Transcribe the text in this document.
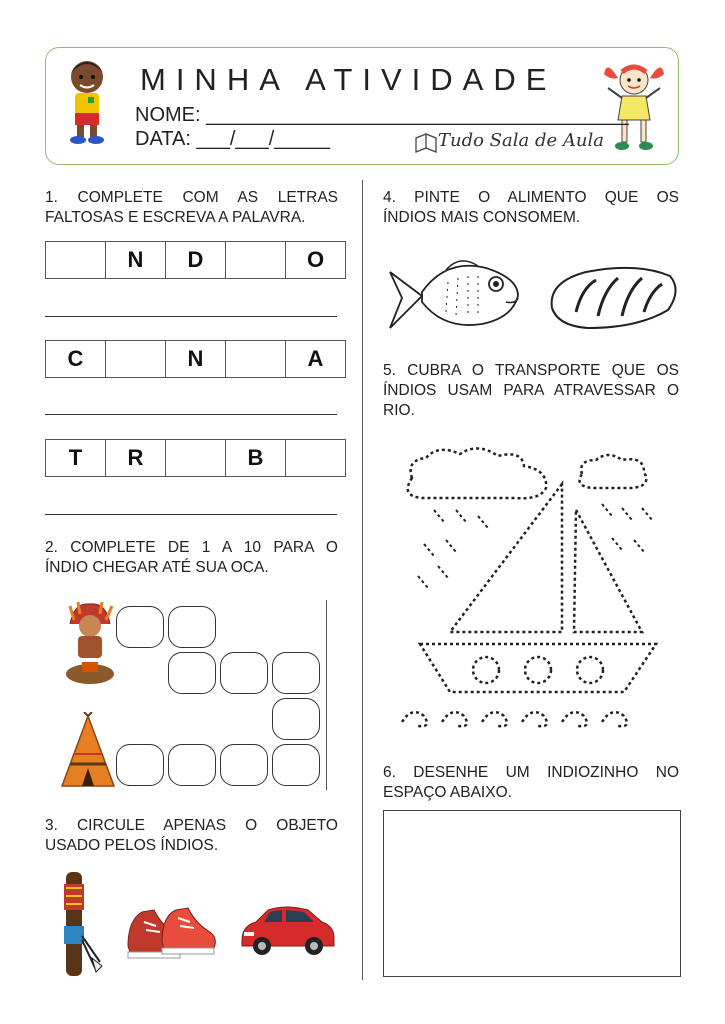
MINHA ATIVIDADE
NOME: ______________________________________
DATA: ___/___/_____	Tudo Sala de Aula
1. COMPLETE COM AS LETRAS
FALTOSAS E ESCREVA A PALAVRA.
	N	D		O
C		N		A
T	R		B	
2. COMPLETE DE 1 A 10 PARA O
ÍNDIO CHEGAR ATÉ SUA OCA.
3. CIRCULE APENAS O OBJETO
USADO PELOS ÍNDIOS.
4. PINTE O ALIMENTO QUE OS
ÍNDIOS MAIS CONSOMEM.
5. CUBRA O TRANSPORTE QUE OS
ÍNDIOS USAM PARA ATRAVESSAR O
RIO.
6. DESENHE UM INDIOZINHO NO
ESPAÇO ABAIXO.
